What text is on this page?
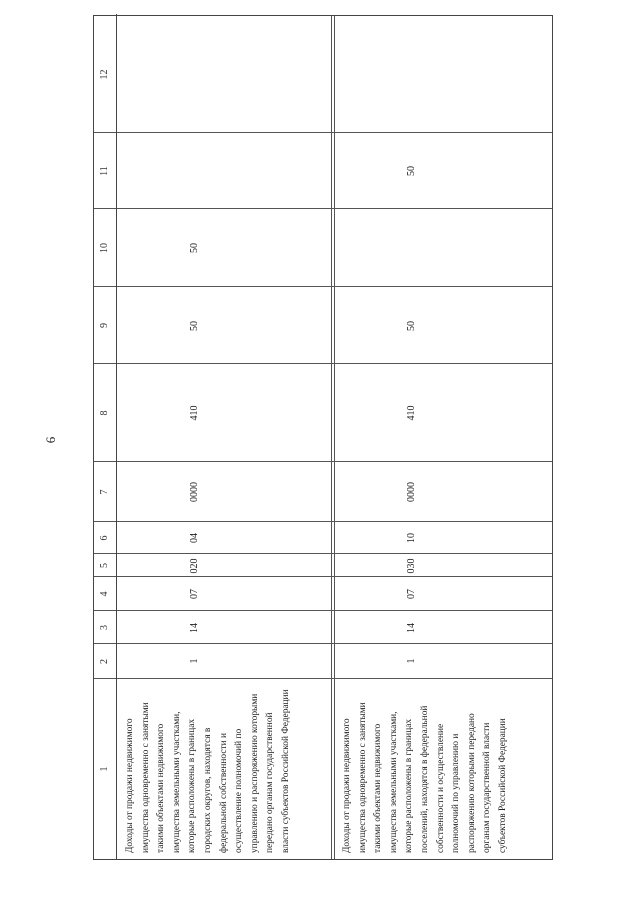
6
1
2
3
4
5
6
7
8
9
10
11
12
Доходы от продажи недвижимого имущества одновременно с занятыми такими объектами недвижимого имущества земельными участками, которые расположены в границах городских округов, находятся в федеральной собственности и осуществление полномочий по управлению и распоряжению которыми передано органам государственной власти субъектов Российской Федерации
1
14
07
020
04
0000
410
50
50
Доходы от продажи недвижимого имущества одновременно с занятыми такими объектами недвижимого имущества земельными участками, которые расположены в границах поселений, находятся в федеральной собственности и осуществление полномочий по управлению и распоряжению которыми передано органам государственной власти субъектов Российской Федерации
1
14
07
030
10
0000
410
50
50
